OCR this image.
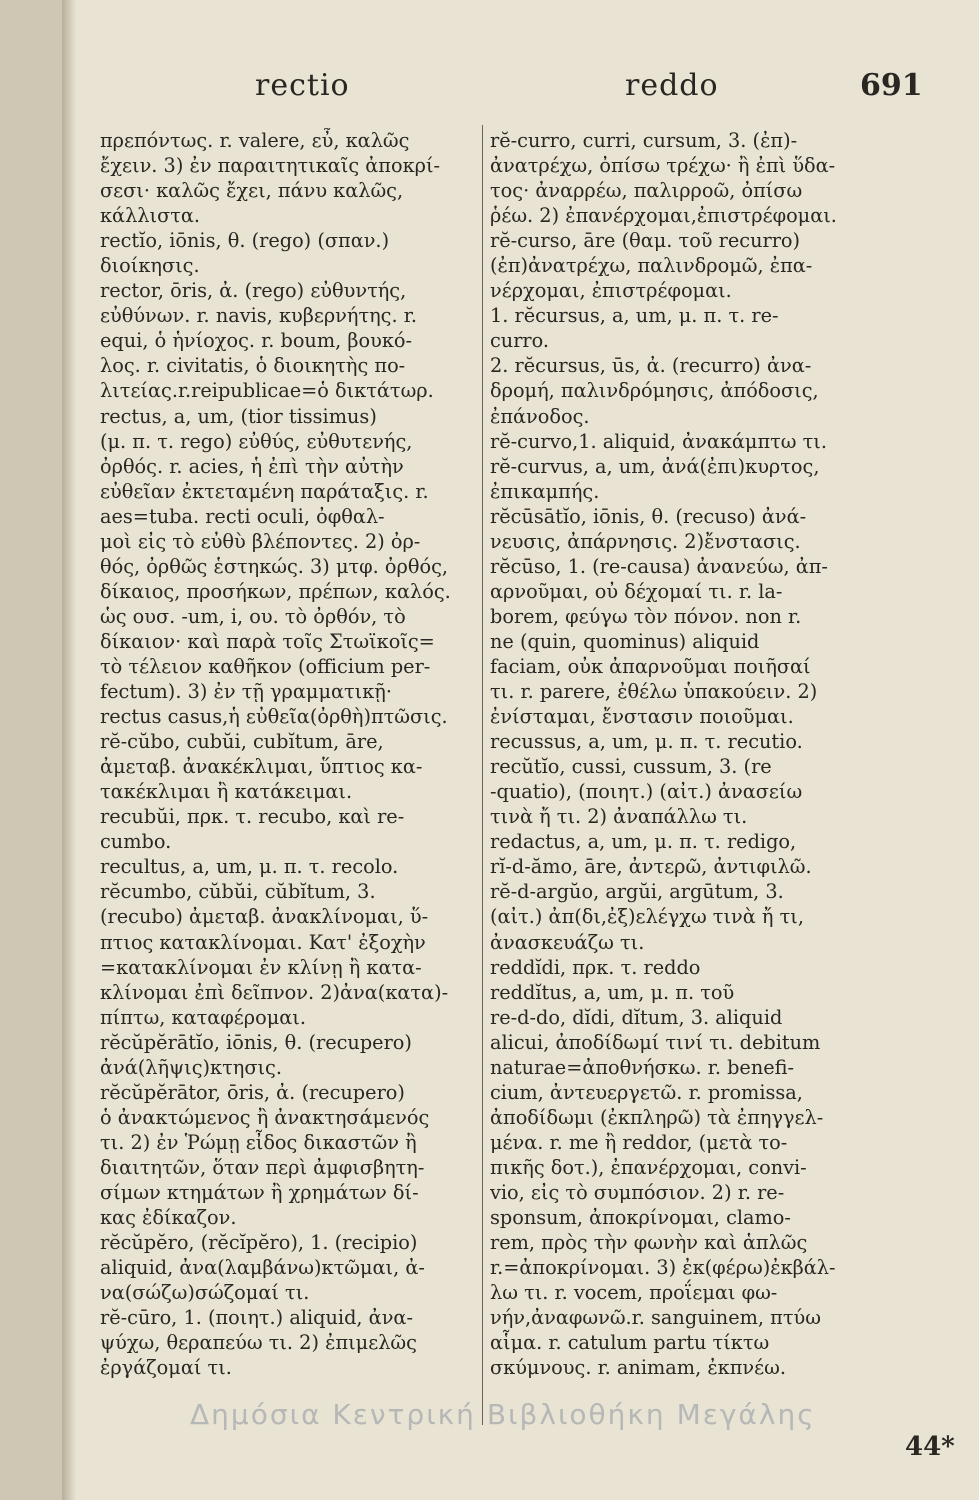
rectio	reddo	691
πρεπόντως. r. valere, εὖ, καλῶς
ἔχειν. 3) ἐν παραιτητικαῖς ἀποκρί-
σεσι· καλῶς ἔχει, πάνυ καλῶς,
κάλλιστα.
rectĭo, iōnis, θ. (rego) (σπαν.)
διοίκησις.
rector, ōris, ἀ. (rego) εὐθυντής,
εὐθύνων. r. navis, κυβερνήτης. r.
equi, ὁ ἡνίοχος. r. boum, βουκό-
λος. r. civitatis, ὁ διοικητὴς πο-
λιτείας.r.reipublicae=ὁ δικτάτωρ.
rectus, a, um, (tior tissimus)
(μ. π. τ. rego) εὐθύς, εὐθυτενής,
ὀρθός. r. acies, ἡ ἐπὶ τὴν αὐτὴν
εὐθεῖαν ἐκτεταμένη παράταξις. r.
aes=tuba. recti oculi, ὀφθαλ-
μοὶ εἰς τὸ εὐθὺ βλέποντες. 2) ὀρ-
θός, ὀρθῶς ἑστηκώς. 3) μτφ. ὀρθός,
δίκαιος, προσήκων, πρέπων, καλός.
ὡς ουσ. -um, i, ου. τὸ ὀρθόν, τὸ
δίκαιον· καὶ παρὰ τοῖς Στωϊκοῖς=
τὸ τέλειον καθῆκον (officium per-
fectum). 3) ἐν τῇ γραμματικῇ·
rectus casus,ἡ εὐθεῖα(ὀρθὴ)πτῶσις.
rĕ-cŭbo, cubŭi, cubĭtum, āre,
ἀμεταβ. ἀνακέκλιμαι, ὕπτιος κα-
τακέκλιμαι ἢ κατάκειμαι.
recubŭi, πρκ. τ. recubo, καὶ re-
cumbo.
recultus, a, um, μ. π. τ. recolo.
rĕcumbo, cŭbŭi, cŭbĭtum, 3.
(recubo) ἀμεταβ. ἀνακλίνομαι, ὕ-
πτιος κατακλίνομαι. Κατ' ἐξοχὴν
=κατακλίνομαι ἐν κλίνῃ ἢ κατα-
κλίνομαι ἐπὶ δεῖπνον. 2)ἀνα(κατα)-
πίπτω, καταφέρομαι.
rĕcŭpĕrātĭo, iōnis, θ. (recupero)
ἀνά(λῆψις)κτησις.
rĕcŭpĕrātor, ōris, ἀ. (recupero)
ὁ ἀνακτώμενος ἢ ἀνακτησάμενός
τι. 2) ἐν Ῥώμῃ εἶδος δικαστῶν ἢ
διαιτητῶν, ὅταν περὶ ἀμφισβητη-
σίμων κτημάτων ἢ χρημάτων δί-
κας ἐδίκαζον.
rĕcŭpĕro, (rĕcĭpĕro), 1. (recipio)
aliquid, ἀνα(λαμβάνω)κτῶμαι, ἀ-
να(σώζω)σώζομαί τι.
rĕ-cūro, 1. (ποιητ.) aliquid, ἀνα-
ψύχω, θεραπεύω τι. 2) ἐπιμελῶς
ἐργάζομαί τι.
rĕ-curro, curri, cursum, 3. (ἐπ)-
ἀνατρέχω, ὀπίσω τρέχω· ἢ ἐπὶ ὕδα-
τος· ἀναρρέω, παλιρροῶ, ὀπίσω
ῥέω. 2) ἐπανέρχομαι,ἐπιστρέφομαι.
rĕ-curso, āre (θαμ. τοῦ recurro)
(ἐπ)ἀνατρέχω, παλινδρομῶ, ἐπα-
νέρχομαι, ἐπιστρέφομαι.
1. rĕcursus, a, um, μ. π. τ. re-
curro.
2. rĕcursus, ūs, ἀ. (recurro) ἀνα-
δρομή, παλινδρόμησις, ἀπόδοσις,
ἐπάνοδος.
rĕ-curvo,1. aliquid, ἀνακάμπτω τι.
rĕ-curvus, a, um, ἀνά(ἐπι)κυρτος,
ἐπικαμπής.
rĕcūsātĭo, iōnis, θ. (recuso) ἀνά-
νευσις, ἀπάρνησις. 2)ἔνστασις.
rĕcūso, 1. (re-causa) ἀνανεύω, ἀπ-
αρνοῦμαι, οὐ δέχομαί τι. r. la-
borem, φεύγω τὸν πόνον. non r.
ne (quin, quominus) aliquid
faciam, οὐκ ἀπαρνοῦμαι ποιῆσαί
τι. r. parere, ἐθέλω ὑπακούειν. 2)
ἐνίσταμαι, ἔνστασιν ποιοῦμαι.
recussus, a, um, μ. π. τ. recutio.
recŭtĭo, cussi, cussum, 3. (re
-quatio), (ποιητ.) (αἰτ.) ἀνασείω
τινὰ ἤ τι. 2) ἀναπάλλω τι.
redactus, a, um, μ. π. τ. redigo,
rĭ-d-ămo, āre, ἀντερῶ, ἀντιφιλῶ.
rĕ-d-argŭo, argŭi, argūtum, 3.
(αἰτ.) ἀπ(δι,ἐξ)ελέγχω τινὰ ἤ τι,
ἀνασκευάζω τι.
reddĭdi, πρκ. τ. reddo
reddĭtus, a, um, μ. π. τοῦ
re-d-do, dĭdi, dĭtum, 3. aliquid
alicui, ἀποδίδωμί τινί τι. debitum
naturae=ἀποθνήσκω. r. benefi-
cium, ἀντευεργετῶ. r. promissa,
ἀποδίδωμι (ἐκπληρῶ) τὰ ἐπηγγελ-
μένα. r. me ἢ reddor, (μετὰ το-
πικῆς δοτ.), ἐπανέρχομαι, convi-
vio, εἰς τὸ συμπόσιον. 2) r. re-
sponsum, ἀποκρίνομαι, clamo-
rem, πρὸς τὴν φωνὴν καὶ ἁπλῶς
r.=ἀποκρίνομαι. 3) ἐκ(φέρω)ἐκβάλ-
λω τι. r. vocem, προΐεμαι φω-
νήν,ἀναφωνῶ.r. sanguinem, πτύω
αἷμα. r. catulum partu τίκτω
σκύμνους. r. animam, ἐκπνέω.
Δημόσια Κεντρική Βιβλιοθήκη Μεγάλης
44*
